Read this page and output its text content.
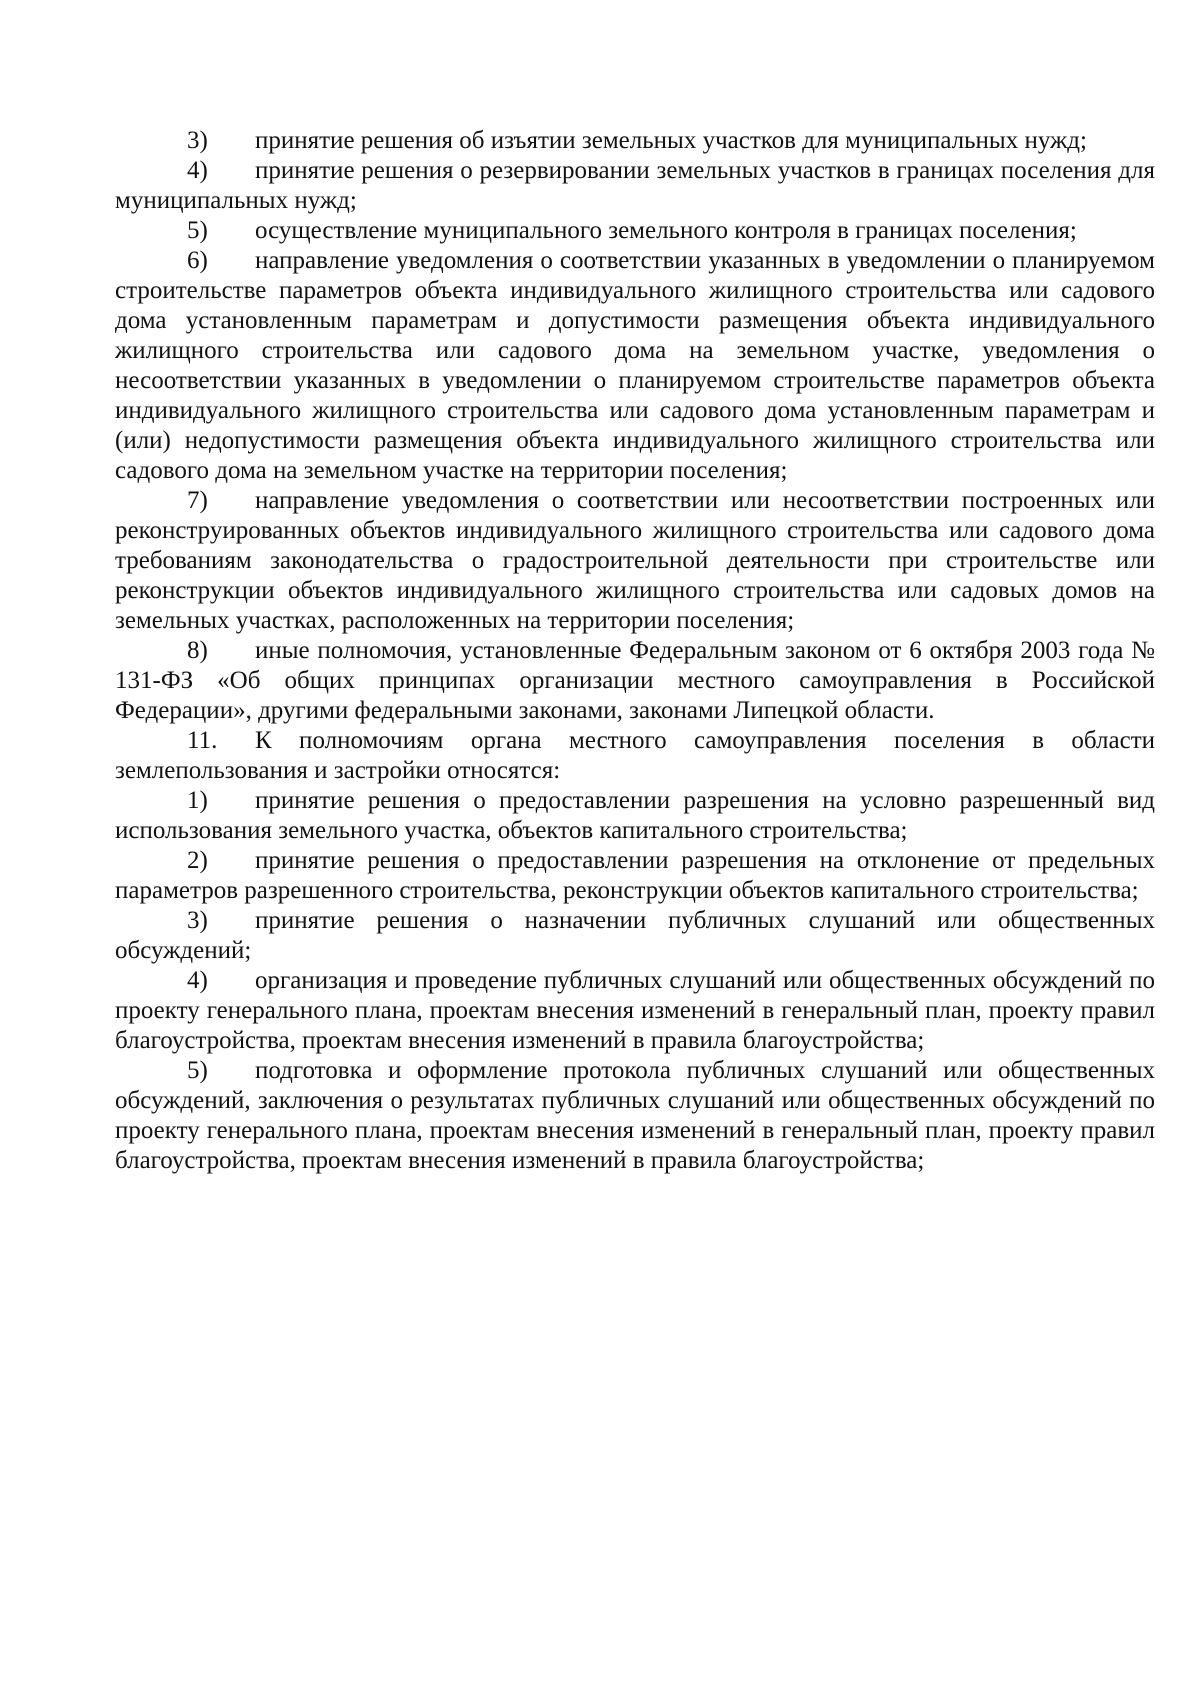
3) принятие решения об изъятии земельных участков для муниципальных нужд;

4) принятие решения о резервировании земельных участков в границах поселения для муниципальных нужд;

5) осуществление муниципального земельного контроля в границах поселения;

6) направление уведомления о соответствии указанных в уведомлении о планируемом строительстве параметров объекта индивидуального жилищного строительства или садового дома установленным параметрам и допустимости размещения объекта индивидуального жилищного строительства или садового дома на земельном участке, уведомления о несоответствии указанных в уведомлении о планируемом строительстве параметров объекта индивидуального жилищного строительства или садового дома установленным параметрам и (или) недопустимости размещения объекта индивидуального жилищного строительства или садового дома на земельном участке на территории поселения;

7) направление уведомления о соответствии или несоответствии построенных или реконструированных объектов индивидуального жилищного строительства или садового дома требованиям законодательства о градостроительной деятельности при строительстве или реконструкции объектов индивидуального жилищного строительства или садовых домов на земельных участках, расположенных на территории поселения;

8) иные полномочия, установленные Федеральным законом от 6 октября 2003 года № 131-ФЗ «Об общих принципах организации местного самоуправления в Российской Федерации», другими федеральными законами, законами Липецкой области.

11. К полномочиям органа местного самоуправления поселения в области землепользования и застройки относятся:

1) принятие решения о предоставлении разрешения на условно разрешенный вид использования земельного участка, объектов капитального строительства;

2) принятие решения о предоставлении разрешения на отклонение от предельных параметров разрешенного строительства, реконструкции объектов капитального строительства;

3) принятие решения о назначении публичных слушаний или общественных обсуждений;

4) организация и проведение публичных слушаний или общественных обсуждений по проекту генерального плана, проектам внесения изменений в генеральный план, проекту правил благоустройства, проектам внесения изменений в правила благоустройства;

5) подготовка и оформление протокола публичных слушаний или общественных обсуждений, заключения о результатах публичных слушаний или общественных обсуждений по проекту генерального плана, проектам внесения изменений в генеральный план, проекту правил благоустройства, проектам внесения изменений в правила благоустройства;
